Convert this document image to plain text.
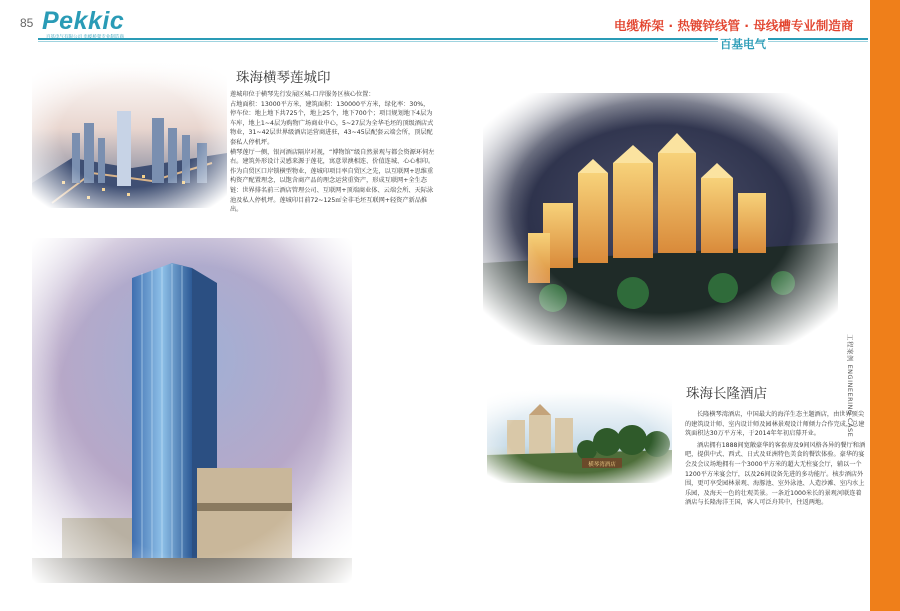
85 Pekkic	电缆桥架 · 热镀锌线管 · 母线槽专业制造商
百基电气
工程案例 ENGINEERING CASE
珠海横琴莲城印

莲城印位于横琴先行发展区城-口岸服务区核心位置：

占地面积：13000平方米，建筑面积：130000平方米，绿化率：30%，停车位：地上地下共725个，地上25个，地下700个；项目规划地下4层为车库，地上1~4层为购物广场商业中心，5~27层为全华毛坯的顶级酒店式物业，31~42层世界级酒店运营商进驻，43~45层配套云端会所，顶层配套私人停机坪。

横琴莲厅一侧，银河酒店隔岸对视，“博物馆”级自然景观与都会资源环伺左右。建筑外形设计灵感来源于莲花，寓意翠澳相连、价值连城、心心相印。作为自贸区口岸锁横型物业，莲城印项目率自贸区之先，以互联网+思维重构资产配置理念，以饱含商产品的理念运营重资产，形成互联网+全生态链：世界排名前三酒店管理公司、互联网+顶端商业体、云端会所、天际泳池及私人停机坪。莲城印目前72~125㎡全非毛坯互联网+轻资产新品推出。

珠海长隆酒店

长隆横琴湾酒店，中国最大的海洋生态主题酒店，由世界顶尖的建筑设计师、室内设计师及园林景观设计师倾力合作完成，总建筑面积达30万平方米，于2014年年初启幕开业。

酒店拥有1888间宽敞豪华的客套房及9间风格各异的餐厅和酒吧，提供中式、西式、日式及亚洲特色美食的餐饮体验。豪华的宴会及会议场地拥有一个3000平方米的超大无柱宴会厅，辅以一个1200平方米宴会厅，以及26间设备先进的多功能厅。核步酒店外围，更可享受园林景观、海豚池、室外泳池、人造沙滩、室内水上乐园，及海天一色的壮观美景。一条近1000米长的景观河联连着酒店与长隆海洋王国，客人可泛舟其中，往返两地。
